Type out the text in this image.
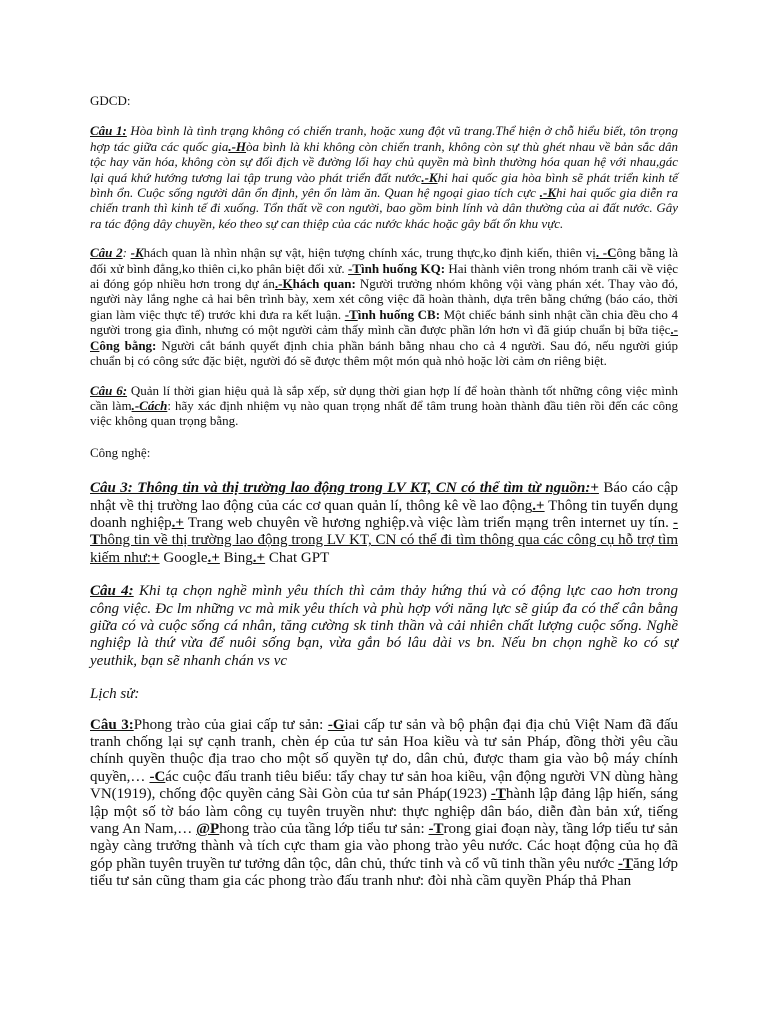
GDCD:

Câu 1: Hòa bình là tình trạng không có chiến tranh, hoặc xung đột vũ trang.Thể hiện ở chỗ hiểu biết, tôn trọng hợp tác giữa các quốc gia.-Hòa bình là khi không còn chiến tranh, không còn sự thù ghét nhau về bản sắc dân tộc hay văn hóa, không còn sự đối địch về đường lối hay chủ quyền mà bình thường hóa quan hệ với nhau,gác lại quá khứ hướng tương lai tập trung vào phát triển đất nước.-Khi hai quốc gia hòa bình sẽ phát triển kinh tế bình ổn. Cuộc sống người dân ổn định, yên ổn làm ăn. Quan hệ ngoại giao tích cực .-Khi hai quốc gia diễn ra chiến tranh thì kinh tế đi xuống. Tổn thất về con người, bao gồm binh lính và dân thường của ai đất nước. Gây ra tác động dây chuyền, kéo theo sự can thiệp của các nước khác hoặc gây bất ổn khu vực.

Câu 2: -Khách quan là nhìn nhận sự vật, hiện tượng chính xác, trung thực,ko định kiến, thiên vị. -Công bằng là đối xử bình đẳng,ko thiên ci,ko phân biệt đối xử. -Tình huống KQ: Hai thành viên trong nhóm tranh cãi về việc ai đóng góp nhiều hơn trong dự án.-Khách quan: Người trưởng nhóm không vội vàng phán xét. Thay vào đó, người này lắng nghe cả hai bên trình bày, xem xét công việc đã hoàn thành, dựa trên bằng chứng (báo cáo, thời gian làm việc thực tế) trước khi đưa ra kết luận. -Tình huống CB: Một chiếc bánh sinh nhật cần chia đều cho 4 người trong gia đình, nhưng có một người cảm thấy mình cần được phần lớn hơn vì đã giúp chuẩn bị bữa tiệc.-Công bằng: Người cắt bánh quyết định chia phần bánh bằng nhau cho cả 4 người. Sau đó, nếu người giúp chuẩn bị có công sức đặc biệt, người đó sẽ được thêm một món quà nhỏ hoặc lời cảm ơn riêng biệt.

Câu 6: Quản lí thời gian hiệu quả là sắp xếp, sử dụng thời gian hợp lí để hoàn thành tốt những công việc mình cần làm.-Cách: hãy xác định nhiệm vụ nào quan trọng nhất để tâm trung hoàn thành đầu tiên rồi đến các công việc không quan trọng bằng.

Công nghệ:

Câu 3: Thông tin và thị trường lao động trong LV KT, CN có thể tìm từ nguồn:+ Báo cáo cập nhật về thị trường lao động của các cơ quan quản lí, thông kê về lao động.+ Thông tin tuyển dụng doanh nghiệp.+ Trang web chuyên về hương nghiệp.và việc làm triển mạng trên internet uy tín. -Thông tin về thị trường lao động trong LV KT, CN có thể đi tìm thông qua các công cụ hỗ trợ tìm kiếm như:+ Google.+ Bing.+ Chat GPT

Câu 4: Khi tạ chọn nghề mình yêu thích thì cảm thảy hứng thú và có động lực cao hơn trong công việc. Đc lm những vc mà mik yêu thích và phù hợp với năng lực sẽ giúp đa có thể cân bằng giữa có và cuộc sống cá nhân, tăng cường sk tinh thần và cải nhiên chất lượng cuộc sống. Nghề nghiệp là thứ vừa để nuôi sống bạn, vừa gắn bó lâu dài vs bn. Nếu bn chọn nghề ko có sự yeuthik, bạn sẽ nhanh chán vs vc

Lịch sử:

Câu 3:Phong trào của giai cấp tư sản: -Giai cấp tư sản và bộ phận đại địa chủ Việt Nam đã đấu tranh chống lại sự cạnh tranh, chèn ép của tư sản Hoa kiều và tư sản Pháp, đồng thời yêu cầu chính quyền thuộc địa trao cho một số quyền tự do, dân chủ, được tham gia vào bộ máy chính quyền,… -Các cuộc đấu tranh tiêu biểu: tẩy chay tư sản hoa kiều, vận động người VN dùng hàng VN(1919), chống độc quyền cảng Sài Gòn của tư sản Pháp(1923) -Thành lập đảng lập hiến, sáng lập một số tờ báo làm công cụ tuyên truyền như: thực nghiệp dân báo, diễn đàn bản xứ, tiếng vang An Nam,… @Phong trào của tầng lớp tiểu tư sản: -Trong giai đoạn này, tầng lớp tiểu tư sản ngày càng trưởng thành và tích cực tham gia vào phong trào yêu nước. Các hoạt động của họ đã góp phần tuyên truyền tư tưởng dân tộc, dân chủ, thức tỉnh và cổ vũ tinh thần yêu nước -Tăng lớp tiểu tư sản cũng tham gia các phong trào đấu tranh như: đòi nhà cầm quyền Pháp thả Phan
